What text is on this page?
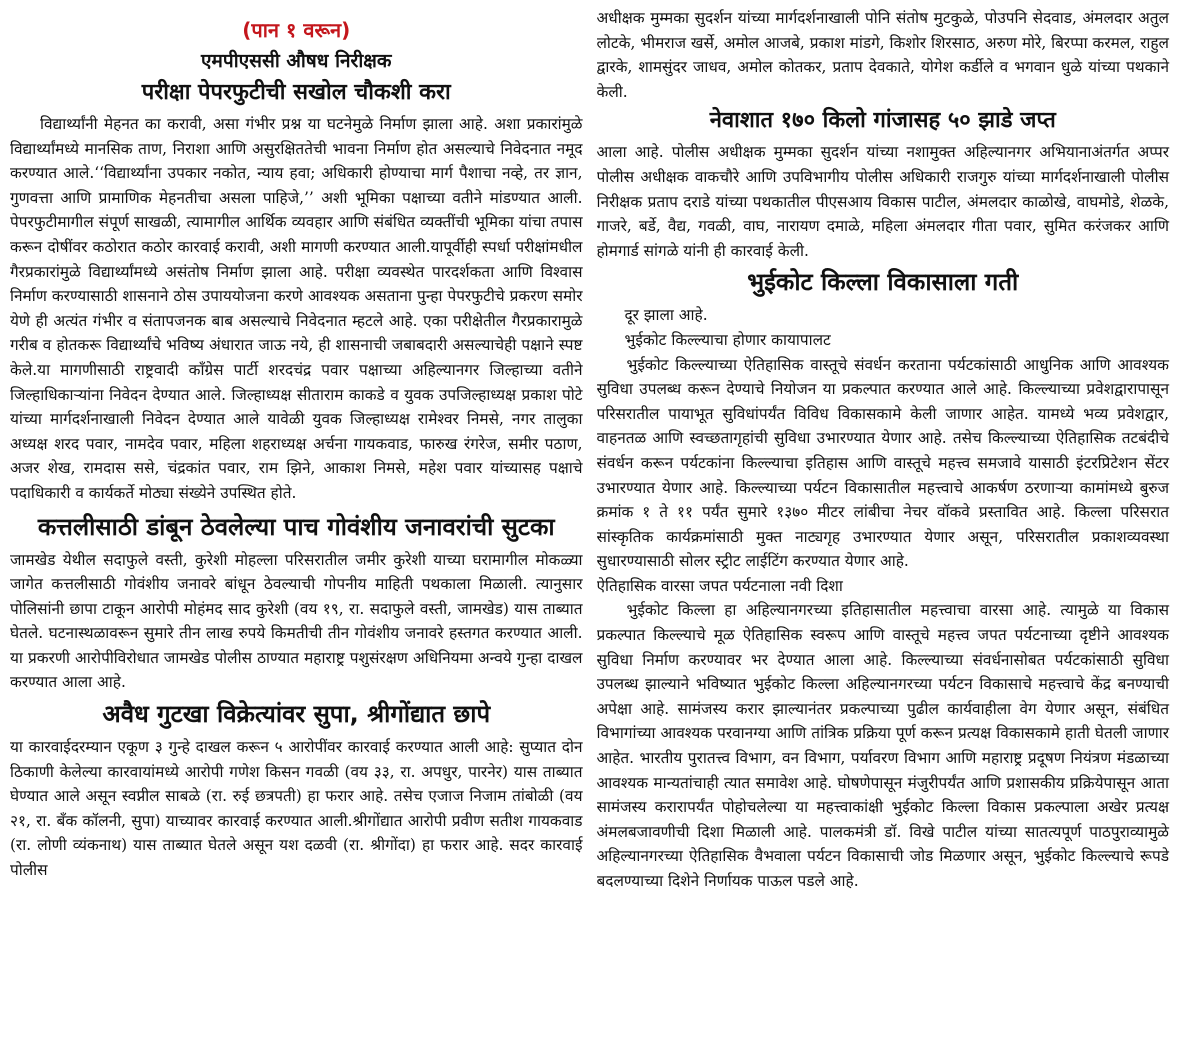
(पान १ वरून)
एमपीएससी औषध निरीक्षक
परीक्षा पेपरफुटीची सखोल चौकशी करा

विद्यार्थ्यांनी मेहनत का करावी, असा गंभीर प्रश्न या घटनेमुळे निर्माण झाला आहे. अशा प्रकारांमुळे विद्यार्थ्यांमध्ये मानसिक ताण, निराशा आणि असुरक्षिततेची भावना निर्माण होत असल्याचे निवेदनात नमूद करण्यात आले.‘‘विद्यार्थ्यांना उपकार नकोत, न्याय हवा; अधिकारी होण्याचा मार्ग पैशाचा नव्हे, तर ज्ञान, गुणवत्ता आणि प्रामाणिक मेहनतीचा असला पाहिजे,’’ अशी भूमिका पक्षाच्या वतीने मांडण्यात आली. पेपरफुटीमागील संपूर्ण साखळी, त्यामागील आर्थिक व्यवहार आणि संबंधित व्यक्तींची भूमिका यांचा तपास करून दोषींवर कठोरात कठोर कारवाई करावी, अशी मागणी करण्यात आली.यापूर्वीही स्पर्धा परीक्षांमधील गैरप्रकारांमुळे विद्यार्थ्यांमध्ये असंतोष निर्माण झाला आहे. परीक्षा व्यवस्थेत पारदर्शकता आणि विश्वास निर्माण करण्यासाठी शासनाने ठोस उपाययोजना करणे आवश्यक असताना पुन्हा पेपरफुटीचे प्रकरण समोर येणे ही अत्यंत गंभीर व संतापजनक बाब असल्याचे निवेदनात म्हटले आहे. एका परीक्षेतील गैरप्रकारामुळे गरीब व होतकरू विद्यार्थ्यांचे भविष्य अंधारात जाऊ नये, ही शासनाची जबाबदारी असल्याचेही पक्षाने स्पष्ट केले.या मागणीसाठी राष्ट्रवादी काँग्रेस पार्टी शरदचंद्र पवार पक्षाच्या अहिल्यानगर जिल्हाच्या वतीने जिल्हाधिकाऱ्यांना निवेदन देण्यात आले. जिल्हाध्यक्ष सीताराम काकडे व युवक उपजिल्हाध्यक्ष प्रकाश पोटे यांच्या मार्गदर्शनाखाली निवेदन देण्यात आले यावेळी युवक जिल्हाध्यक्ष रामेश्वर निमसे, नगर तालुका अध्यक्ष शरद पवार, नामदेव पवार, महिला शहराध्यक्ष अर्चना गायकवाड, फारुख रंगरेज, समीर पठाण, अजर शेख, रामदास ससे, चंद्रकांत पवार, राम झिने, आकाश निमसे, महेश पवार यांच्यासह पक्षाचे पदाधिकारी व कार्यकर्ते मोठ्या संख्येने उपस्थित होते.

कत्तलीसाठी डांबून ठेवलेल्या पाच गोवंशीय जनावरांची सुटका

जामखेड येथील सदाफुले वस्ती, कुरेशी मोहल्ला परिसरातील जमीर कुरेशी याच्या घरामागील मोकळ्या जागेत कत्तलीसाठी गोवंशीय जनावरे बांधून ठेवल्याची गोपनीय माहिती पथकाला मिळाली. त्यानुसार पोलिसांनी छापा टाकून आरोपी मोहंमद साद कुरेशी (वय १९, रा. सदाफुले वस्ती, जामखेड) यास ताब्यात घेतले. घटनास्थळावरून सुमारे तीन लाख रुपये किमतीची तीन गोवंशीय जनावरे हस्तगत करण्यात आली. या प्रकरणी आरोपीविरोधात जामखेड पोलीस ठाण्यात महाराष्ट्र पशुसंरक्षण अधिनियमा अन्वये गुन्हा दाखल करण्यात आला आहे.

अवैध गुटखा विक्रेत्यांवर सुपा, श्रीगोंद्यात छापे

या कारवाईदरम्यान एकूण ३ गुन्हे दाखल करून ५ आरोपींवर कारवाई करण्यात आली आहे: सुप्यात दोन ठिकाणी केलेल्या कारवायांमध्ये आरोपी गणेश किसन गवळी (वय ३३, रा. अपधुर, पारनेर) यास ताब्यात घेण्यात आले असून स्वप्नील साबळे (रा. रुई छत्रपती) हा फरार आहे. तसेच एजाज निजाम तांबोळी (वय २१, रा. बँक कॉलनी, सुपा) याच्यावर कारवाई करण्यात आली.श्रीगोंद्यात आरोपी प्रवीण सतीश गायकवाड (रा. लोणी व्यंकनाथ) यास ताब्यात घेतले असून यश दळवी (रा. श्रीगोंदा) हा फरार आहे. सदर कारवाई पोलीस

अधीक्षक मुम्मका सुदर्शन यांच्या मार्गदर्शनाखाली पोनि संतोष मुटकुळे, पोउपनि सेदवाड, अंमलदार अतुल लोटके, भीमराज खर्से, अमोल आजबे, प्रकाश मांडगे, किशोर शिरसाठ, अरुण मोरे, बिरप्पा करमल, राहुल द्वारके, शामसुंदर जाधव, अमोल कोतकर, प्रताप देवकाते, योगेश कर्डीले व भगवान धुळे यांच्या पथकाने केली.

नेवाशात १७० किलो गांजासह ५० झाडे जप्त

आला आहे. पोलीस अधीक्षक मुम्मका सुदर्शन यांच्या नशामुक्त अहिल्यानगर अभियानाअंतर्गत अप्पर पोलीस अधीक्षक वाकचौरे आणि उपविभागीय पोलीस अधिकारी राजगुरु यांच्या मार्गदर्शनाखाली पोलीस निरीक्षक प्रताप दराडे यांच्या पथकातील पीएसआय विकास पाटील, अंमलदार काळोखे, वाघमोडे, शेळके, गाजरे, बर्डे, वैद्य, गवळी, वाघ, नारायण दमाळे, महिला अंमलदार गीता पवार, सुमित करंजकर आणि होमगार्ड सांगळे यांनी ही कारवाई केली.

भुईकोट किल्ला विकासाला गती

दूर झाला आहे.

भुईकोट किल्ल्याचा होणार कायापालट

भुईकोट किल्ल्याच्या ऐतिहासिक वास्तूचे संवर्धन करताना पर्यटकांसाठी आधुनिक आणि आवश्यक सुविधा उपलब्ध करून देण्याचे नियोजन या प्रकल्पात करण्यात आले आहे. किल्ल्याच्या प्रवेशद्वारापासून परिसरातील पायाभूत सुविधांपर्यंत विविध विकासकामे केली जाणार आहेत. यामध्ये भव्य प्रवेशद्वार, वाहनतळ आणि स्वच्छतागृहांची सुविधा उभारण्यात येणार आहे. तसेच किल्ल्याच्या ऐतिहासिक तटबंदीचे संवर्धन करून पर्यटकांना किल्ल्याचा इतिहास आणि वास्तूचे महत्त्व समजावे यासाठी इंटरप्रिटेशन सेंटर उभारण्यात येणार आहे. किल्ल्याच्या पर्यटन विकासातील महत्त्वाचे आकर्षण ठरणाऱ्या कामांमध्ये बुरुज क्रमांक १ ते ११ पर्यंत सुमारे १३७० मीटर लांबीचा नेचर वॉकवे प्रस्तावित आहे. किल्ला परिसरात सांस्कृतिक कार्यक्रमांसाठी मुक्त नाट्यगृह उभारण्यात येणार असून, परिसरातील प्रकाशव्यवस्था सुधारण्यासाठी सोलर स्ट्रीट लाईटिंग करण्यात येणार आहे.

ऐतिहासिक वारसा जपत पर्यटनाला नवी दिशा

भुईकोट किल्ला हा अहिल्यानगरच्या इतिहासातील महत्त्वाचा वारसा आहे. त्यामुळे या विकास प्रकल्पात किल्ल्याचे मूळ ऐतिहासिक स्वरूप आणि वास्तूचे महत्त्व जपत पर्यटनाच्या दृष्टीने आवश्यक सुविधा निर्माण करण्यावर भर देण्यात आला आहे. किल्ल्याच्या संवर्धनासोबत पर्यटकांसाठी सुविधा उपलब्ध झाल्याने भविष्यात भुईकोट किल्ला अहिल्यानगरच्या पर्यटन विकासाचे महत्त्वाचे केंद्र बनण्याची अपेक्षा आहे. सामंजस्य करार झाल्यानंतर प्रकल्पाच्या पुढील कार्यवाहीला वेग येणार असून, संबंधित विभागांच्या आवश्यक परवानग्या आणि तांत्रिक प्रक्रिया पूर्ण करून प्रत्यक्ष विकासकामे हाती घेतली जाणार आहेत. भारतीय पुरातत्त्व विभाग, वन विभाग, पर्यावरण विभाग आणि महाराष्ट्र प्रदूषण नियंत्रण मंडळाच्या आवश्यक मान्यतांचाही त्यात समावेश आहे. घोषणेपासून मंजुरीपर्यंत आणि प्रशासकीय प्रक्रियेपासून आता सामंजस्य करारापर्यंत पोहोचलेल्या या महत्त्वाकांक्षी भुईकोट किल्ला विकास प्रकल्पाला अखेर प्रत्यक्ष अंमलबजावणीची दिशा मिळाली आहे. पालकमंत्री डॉ. विखे पाटील यांच्या सातत्यपूर्ण पाठपुराव्यामुळे अहिल्यानगरच्या ऐतिहासिक वैभवाला पर्यटन विकासाची जोड मिळणार असून, भुईकोट किल्ल्याचे रूपडे बदलण्याच्या दिशेने निर्णायक पाऊल पडले आहे.
